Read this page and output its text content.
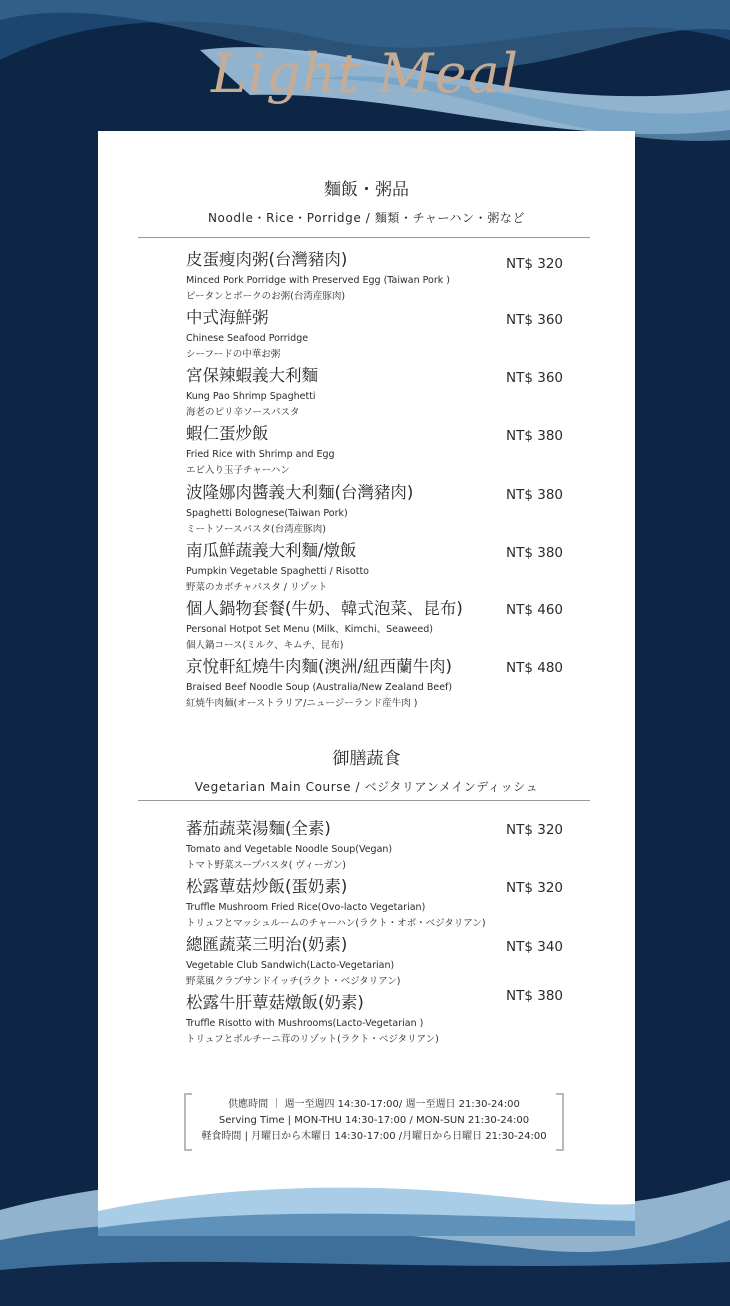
Light Meal
麵飯・粥品
Noodle・Rice・Porridge / 麵類・チャーハン・粥など
皮蛋瘦肉粥(台灣豬肉)
Minced Pork Porridge with Preserved Egg (Taiwan Pork )
ピータンとポークのお粥(台湾産豚肉)
NT$ 320
中式海鮮粥
Chinese Seafood Porridge
シーフードの中華お粥
NT$ 360
宮保辣蝦義大利麵
Kung Pao Shrimp Spaghetti
海老のピリ辛ソースパスタ
NT$ 360
蝦仁蛋炒飯
Fried Rice with Shrimp and Egg
エビ入り玉子チャーハン
NT$ 380
波隆娜肉醬義大利麵(台灣豬肉)
Spaghetti Bolognese(Taiwan Pork)
ミートソースパスタ(台湾産豚肉)
NT$ 380
南瓜鮮蔬義大利麵/燉飯
Pumpkin Vegetable Spaghetti / Risotto
野菜のカボチャパスタ / リゾット
NT$ 380
個人鍋物套餐(牛奶、韓式泡菜、昆布)
Personal Hotpot Set Menu (Milk、Kimchi、Seaweed)
個人鍋コース(ミルク、キムチ、昆布)
NT$ 460
京悅軒紅燒牛肉麵(澳洲/紐西蘭牛肉)
Braised Beef Noodle Soup (Australia/New Zealand Beef)
紅焼牛肉麺(オーストラリア/ニュージーランド産牛肉 )
NT$ 480
御膳蔬食
Vegetarian Main Course / ベジタリアンメインディッシュ
蕃茄蔬菜湯麵(全素)
Tomato and Vegetable Noodle Soup(Vegan)
トマト野菜スープパスタ( ヴィーガン)
NT$ 320
松露蕈菇炒飯(蛋奶素)
Truffle Mushroom Fried Rice(Ovo-lacto Vegetarian)
トリュフとマッシュルームのチャーハン(ラクト・オボ・ベジタリアン)
NT$ 320
總匯蔬菜三明治(奶素)
Vegetable Club Sandwich(Lacto-Vegetarian)
野菜風クラブサンドイッチ(ラクト・ベジタリアン)
NT$ 340
松露牛肝蕈菇燉飯(奶素)
Truffle Risotto with Mushrooms(Lacto-Vegetarian )
トリュフとポルチーニ茸のリゾット(ラクト・ベジタリアン)
NT$ 380
供應時間 ｜ 週一至週四 14:30-17:00/ 週一至週日 21:30-24:00
Serving Time | MON-THU 14:30-17:00 / MON-SUN 21:30-24:00
軽食時間 | 月曜日から木曜日 14:30-17:00 /月曜日から日曜日 21:30-24:00
